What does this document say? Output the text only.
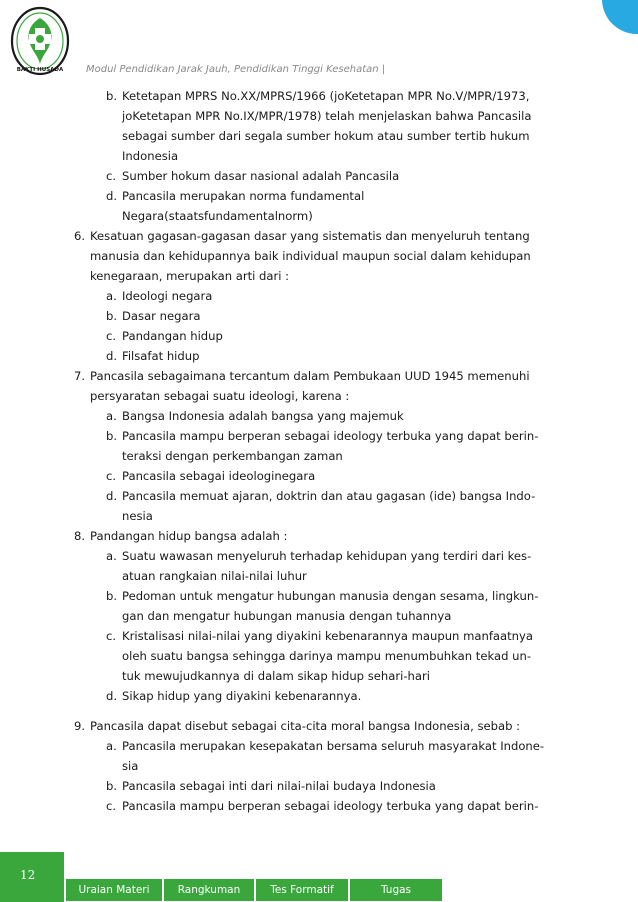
BAKTI HUSADA Modul Pendidikan Jarak Jauh, Pendidikan Tinggi Kesehatan |
b. Ketetapan MPRS No.XX/MPRS/1966 (joKetetapan MPR No.V/MPR/1973,
joKetetapan MPR No.IX/MPR/1978) telah menjelaskan bahwa Pancasila
sebagai sumber dari segala sumber hokum atau sumber tertib hukum
Indonesia
c. Sumber hokum dasar nasional adalah Pancasila
d. Pancasila merupakan norma fundamental
Negara(staatsfundamentalnorm)
6. Kesatuan gagasan-gagasan dasar yang sistematis dan menyeluruh tentang
manusia dan kehidupannya baik individual maupun social dalam kehidupan
kenegaraan, merupakan arti dari :
a. Ideologi negara
b. Dasar negara
c. Pandangan hidup
d. Filsafat hidup
7. Pancasila sebagaimana tercantum dalam Pembukaan UUD 1945 memenuhi
persyaratan sebagai suatu ideologi, karena :
a. Bangsa Indonesia adalah bangsa yang majemuk
b. Pancasila mampu berperan sebagai ideology terbuka yang dapat berin-
teraksi dengan perkembangan zaman
c. Pancasila sebagai ideologinegara
d. Pancasila memuat ajaran, doktrin dan atau gagasan (ide) bangsa Indo-
nesia
8. Pandangan hidup bangsa adalah :
a. Suatu wawasan menyeluruh terhadap kehidupan yang terdiri dari kes-
atuan rangkaian nilai-nilai luhur
b. Pedoman untuk mengatur hubungan manusia dengan sesama, lingkun-
gan dan mengatur hubungan manusia dengan tuhannya
c. Kristalisasi nilai-nilai yang diyakini kebenarannya maupun manfaatnya
oleh suatu bangsa sehingga darinya mampu menumbuhkan tekad un-
tuk mewujudkannya di dalam sikap hidup sehari-hari
d. Sikap hidup yang diyakini kebenarannya.
9. Pancasila dapat disebut sebagai cita-cita moral bangsa Indonesia, sebab :
a. Pancasila merupakan kesepakatan bersama seluruh masyarakat Indone-
sia
b. Pancasila sebagai inti dari nilai-nilai budaya Indonesia
c. Pancasila mampu berperan sebagai ideology terbuka yang dapat berin-
12
Uraian Materi	Rangkuman	Tes Formatif	Tugas
